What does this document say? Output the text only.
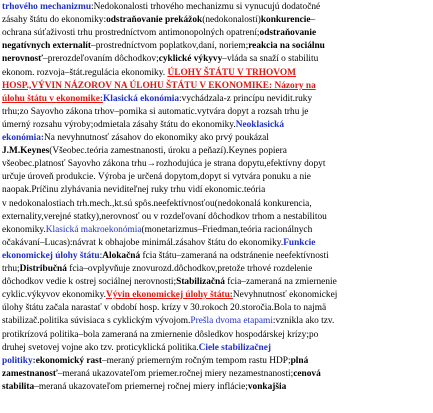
trhového mechanizmu:Nedokonalosti trhového mechanizmu si vynucujú dodatočné
zásahy štátu do ekonomiky:odstraňovanie prekážok(nedokonalostí)konkurencie–
ochrana súťaživosti trhu prostredníctvom antimonopolných opatrení;odstraňovanie
negatívnych externalít–prostredníctvom poplatkov,daní, noriem;reakcia na sociálnu
nerovnosť–prerozdeľovaním dôchodkov;cyklické výkyvy–vláda sa snaží o stabilitu
ekonom. rozvoja–štát.regulácia ekonomiky. ÚLOHY ŠTÁTU V TRHOVOM
HOSP.,VÝVIN NÁZOROV NA ÚLOHU ŠTÁTU V EKONOMIKE: Názory na
úlohu štátu v ekonomike:Klasická ekonómia:vychádzala-z princípu nevidit.ruky
trhu;zo Sayovho zákona trhov–pomika si automatic.vytvára dopyt a rozsah trhu je
úmerný rozsahu výroby;odmietala zásahy štátu do ekonomiky.Neoklasická
ekonómia:Na nevyhnutnosť zásahov do ekonomiky ako prvý poukázal
J.M.Keynes(Všeobec.teória zamestnanosti, úroku a peňazí).Keynes popiera
všeobec.platnosť Sayovho zákona trhu→rozhodujúca je strana dopytu,efektívny dopyt
určuje úroveň produkcie. Výroba je určená dopytom,dopyt si vytvára ponuku a nie
naopak.Príčinu zlyhávania neviditeľnej ruky trhu vidí ekonomic.teória
v nedokonalostiach trh.mech.,kt.sú spôs.neefektívnosťou(nedokonalá konkurencia,
externality,verejné statky),nerovnosť ou v rozdeľovaní dôchodkov trhom a nestabilitou
ekonomiky.Klasická makroekonómia(monetarizmus–Friedman,teória racionálnych
očakávaní–Lucas):návrat k obhajobe minimál.zásahov štátu do ekonomiky.Funkcie
ekonomickej úlohy štátu:Alokačná fcia štátu–zameraná na odstránenie neefektívnosti
trhu;Distribučná fcia–ovplyvňuje znovurozd.dôchodkov,pretože trhové rozdelenie
dôchodkov vedie k ostrej sociálnej nerovnosti;Stabilizačná fcia–zameraná na zmiernenie
cyklic.výkyvov ekonomiky.Vývin ekonomickej úlohy štátu:Nevyhnutnosť ekonomickej
úlohy štátu začala narastať v období hosp. krízy v 30.rokoch 20.storočia.Bola to najmä
stabilizač.politika súvisiaca s cyklickým vývojom.Prešla dvoma etapami:vznikla ako tzv.
protikrízová politika–bola zameraná na zmiernenie dôsledkov hospodárskej krízy;po
druhej svetovej vojne ako tzv. proticyklická politika.Ciele stabilizačnej
politiky:ekonomický rast–meraný priemerným ročným tempom rastu HDP;plná
zamestnanosť–meraná ukazovateľom priemer.ročnej miery nezamestnanosti;cenová
stabilita–meraná ukazovateľom priemernej ročnej miery inflácie;vonkajšia
